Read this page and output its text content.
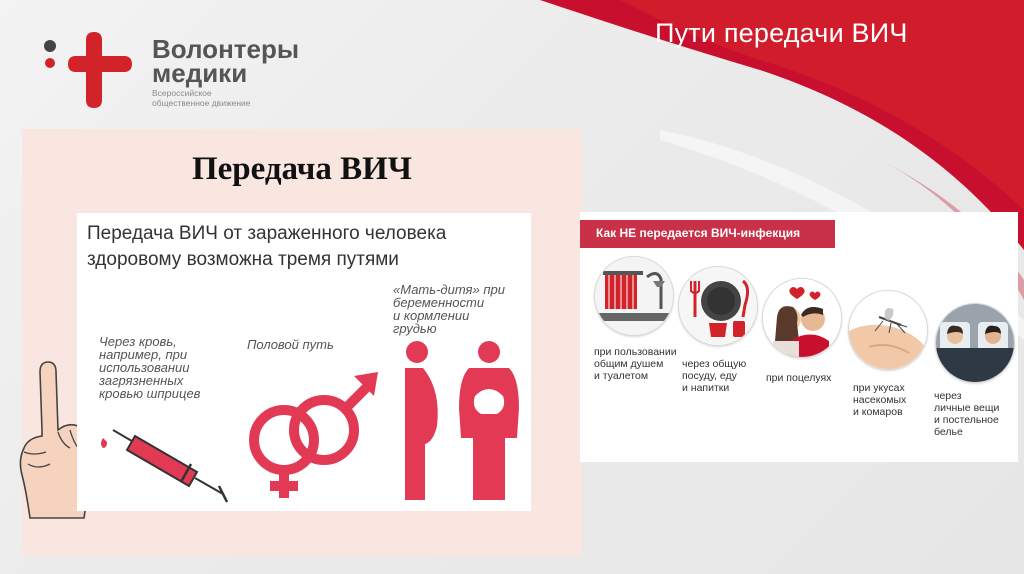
Пути передачи ВИЧ
Волонтеры
медики
Всероссийское
общественное движение
Передача ВИЧ
Передача ВИЧ от зараженного человека
здоровому возможна тремя путями
Через кровь,
например, при
использовании
загрязненных
кровью шприцев
Половой путь
«Мать-дитя» при
беременности
и кормлении
грудью
Как НЕ передается ВИЧ-инфекция
при пользовании
общим душем
и туалетом
через общую
посуду, еду
и напитки
при поцелуях
при укусах
насекомых
и комаров
через
личные вещи
и постельное
белье
